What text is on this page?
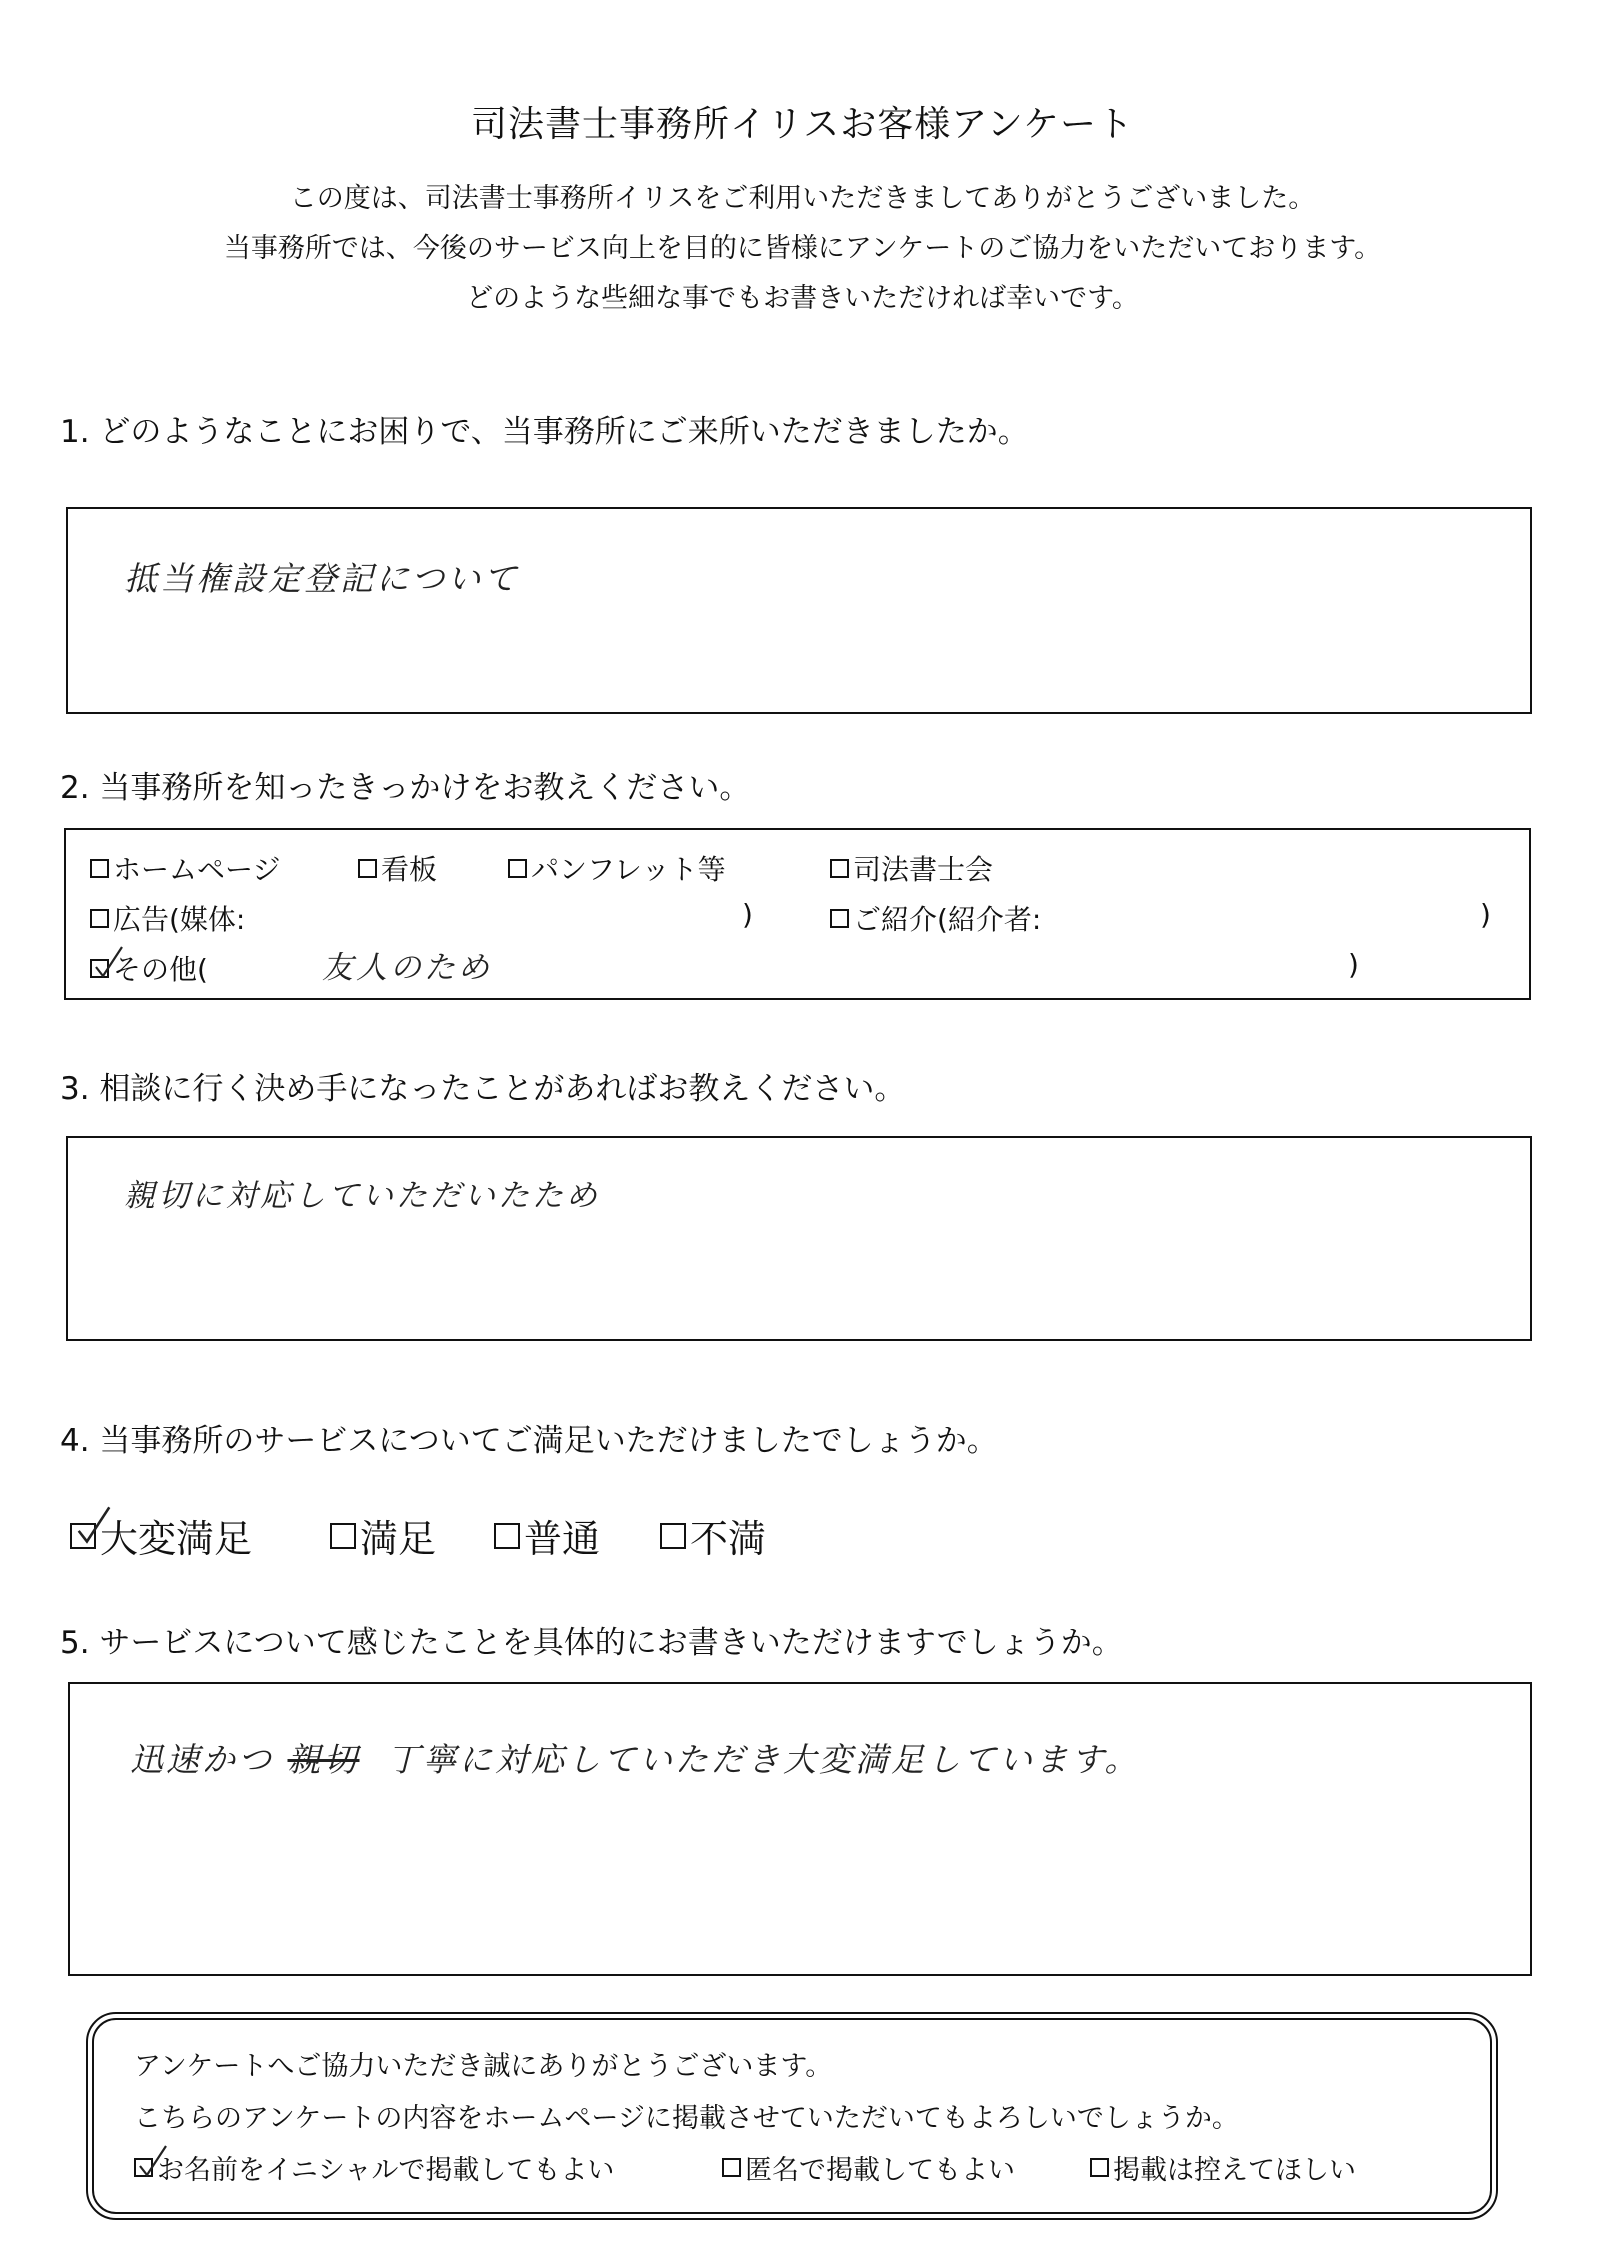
司法書士事務所イリスお客様アンケート
この度は、司法書士事務所イリスをご利用いただきましてありがとうございました。
当事務所では、今後のサービス向上を目的に皆様にアンケートのご協力をいただいております。
どのような些細な事でもお書きいただければ幸いです。
1. どのようなことにお困りで、当事務所にご来所いただきましたか。
抵当権設定登記について
2. 当事務所を知ったきっかけをお教えください。
ホームページ	看板	パンフレット等	司法書士会
広告(媒体:	)	ご紹介(紹介者:	)
その他(	友人のため	)
3. 相談に行く決め手になったことがあればお教えください。
親切に対応していただいたため
4. 当事務所のサービスについてご満足いただけましたでしょうか。
大変満足	満足 普通 不満
5. サービスについて感じたことを具体的にお書きいただけますでしょうか。
迅速かつ 親切 丁寧に対応していただき大変満足しています。
アンケートへご協力いただき誠にありがとうございます。
こちらのアンケートの内容をホームページに掲載させていただいてもよろしいでしょうか。
お名前をイニシャルで掲載してもよい	匿名で掲載してもよい	掲載は控えてほしい
